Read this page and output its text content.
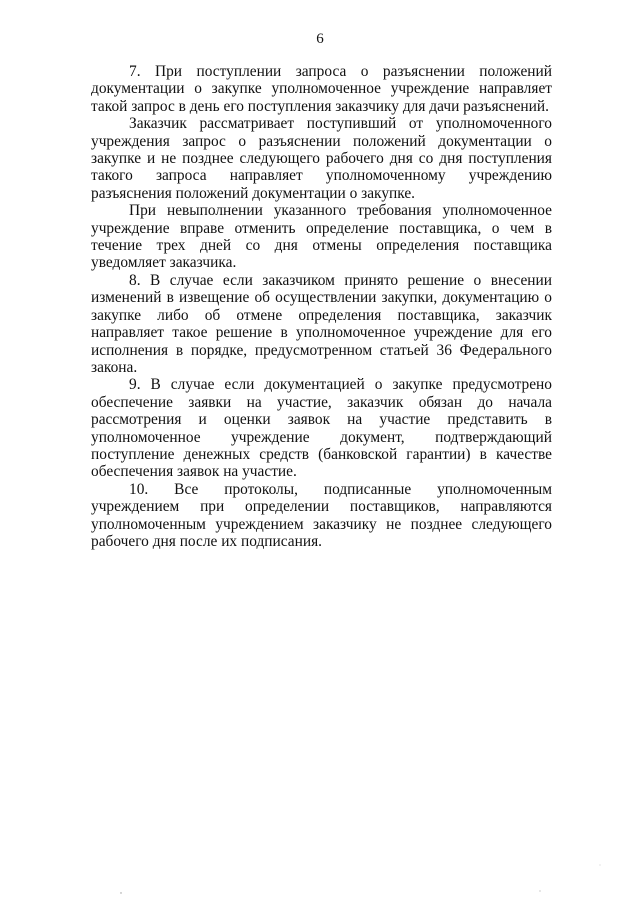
6

7. При поступлении запроса о разъяснении положений документации о закупке уполномоченное учреждение направляет такой запрос в день его поступления заказчику для дачи разъяснений.

Заказчик рассматривает поступивший от уполномоченного учреждения запрос о разъяснении положений документации о закупке и не позднее следующего рабочего дня со дня поступления такого запроса направляет уполномоченному учреждению разъяснения положений документации о закупке.

При невыполнении указанного требования уполномоченное учреждение вправе отменить определение поставщика, о чем в течение трех дней со дня отмены определения поставщика уведомляет заказчика.

8. В случае если заказчиком принято решение о внесении изменений в извещение об осуществлении закупки, документацию о закупке либо об отмене определения поставщика, заказчик направляет такое решение в уполномоченное учреждение для его исполнения в порядке, предусмотренном статьей 36 Федерального закона.

9. В случае если документацией о закупке предусмотрено обеспечение заявки на участие, заказчик обязан до начала рассмотрения и оценки заявок на участие представить в уполномоченное учреждение документ, подтверждающий поступление денежных средств (банковской гарантии) в качестве обеспечения заявок на участие.

10. Все протоколы, подписанные уполномоченным учреждением при определении поставщиков, направляются уполномоченным учреждением заказчику не позднее следующего рабочего дня после их подписания.
